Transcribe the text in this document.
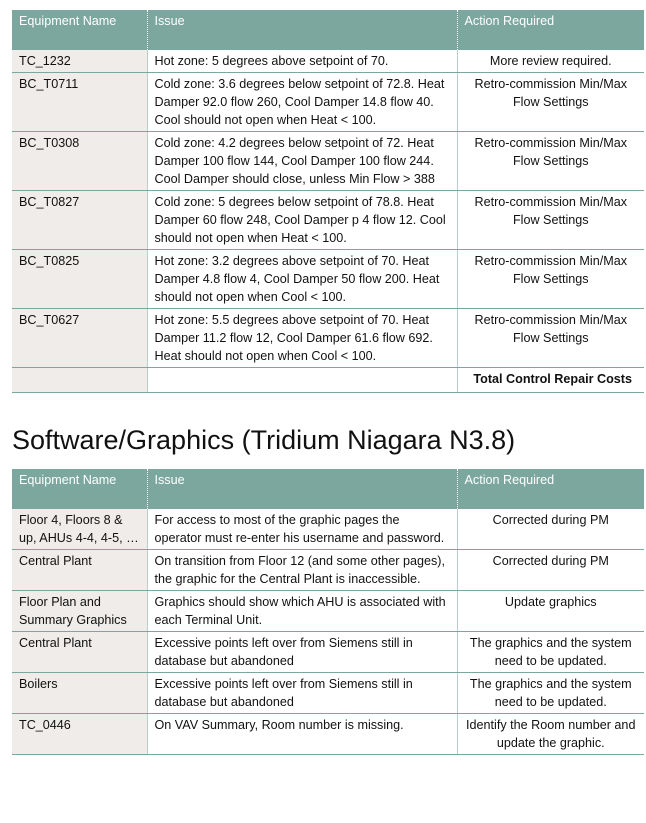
Equipment Name	Issue	Action Required
TC_1232	Hot zone: 5 degrees above setpoint of 70.	More review required.
BC_T0711	Cold zone: 3.6 degrees below setpoint of 72.8. Heat Damper 92.0 flow 260, Cool Damper 14.8 flow 40. Cool should not open when Heat < 100.	Retro-commission Min/Max Flow Settings
BC_T0308	Cold zone: 4.2 degrees below setpoint of 72. Heat Damper 100 flow 144, Cool Damper 100 flow 244. Cool Damper should close, unless Min Flow > 388	Retro-commission Min/Max Flow Settings
BC_T0827	Cold zone: 5 degrees below setpoint of 78.8. Heat Damper 60 flow 248, Cool Damper p 4 flow 12. Cool should not open when Heat < 100.	Retro-commission Min/Max Flow Settings
BC_T0825	Hot zone: 3.2 degrees above setpoint of 70. Heat Damper 4.8 flow 4, Cool Damper 50 flow 200. Heat should not open when Cool < 100.	Retro-commission Min/Max Flow Settings
BC_T0627	Hot zone: 5.5 degrees above setpoint of 70. Heat Damper 11.2 flow 12, Cool Damper 61.6 flow 692. Heat should not open when Cool < 100.	Retro-commission Min/Max Flow Settings
		Total Control Repair Costs
Software/Graphics (Tridium Niagara N3.8)
Equipment Name	Issue	Action Required
Floor 4, Floors 8 & up, AHUs 4-4, 4-5, …	For access to most of the graphic pages the operator must re-enter his username and password.	Corrected during PM
Central Plant	On transition from Floor 12 (and some other pages), the graphic for the Central Plant is inaccessible.	Corrected during PM
Floor Plan and Summary Graphics	Graphics should show which AHU is associated with each Terminal Unit.	Update graphics
Central Plant	Excessive points left over from Siemens still in database but abandoned	The graphics and the system need to be updated.
Boilers	Excessive points left over from Siemens still in database but abandoned	The graphics and the system need to be updated.
TC_0446	On VAV Summary, Room number is missing.	Identify the Room number and update the graphic.
